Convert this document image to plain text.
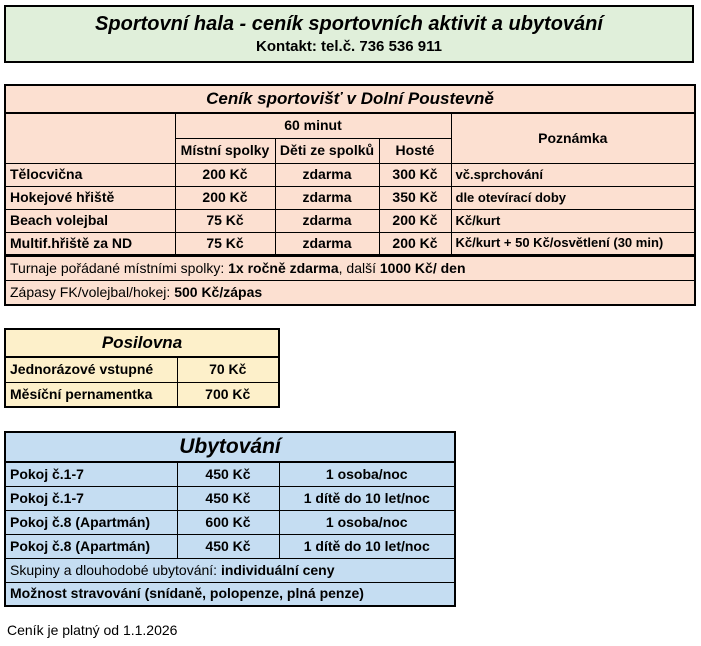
Sportovní hala - ceník sportovních aktivit a ubytování
Kontakt: tel.č. 736 536 911
Ceník sportovišť v Dolní Poustevně				
	60 minut			Poznámka
	Místní spolky	Děti ze spolků	Hosté	
Tělocvična	200 Kč	zdarma	300 Kč	vč.sprchování
Hokejové hřiště	200 Kč	zdarma	350 Kč	dle otevírací doby
Beach volejbal	75 Kč	zdarma	200 Kč	Kč/kurt
Multif.hřiště za ND	75 Kč	zdarma	200 Kč	Kč/kurt + 50 Kč/osvětlení (30 min)
Turnaje pořádané místními spolky: 1x ročně zdarma, další 1000 Kč/ den				
Zápasy FK/volejbal/hokej: 500 Kč/zápas				
Posilovna	
Jednorázové vstupné	70 Kč
Měsíční pernamentka	700 Kč
Ubytování		
Pokoj č.1-7	450 Kč	1 osoba/noc
Pokoj č.1-7	450 Kč	1 dítě do 10 let/noc
Pokoj č.8 (Apartmán)	600 Kč	1 osoba/noc
Pokoj č.8 (Apartmán)	450 Kč	1 dítě do 10 let/noc
Skupiny a dlouhodobé ubytování: individuální ceny		
Možnost stravování (snídaně, polopenze, plná penze)		
Ceník je platný od 1.1.2026
